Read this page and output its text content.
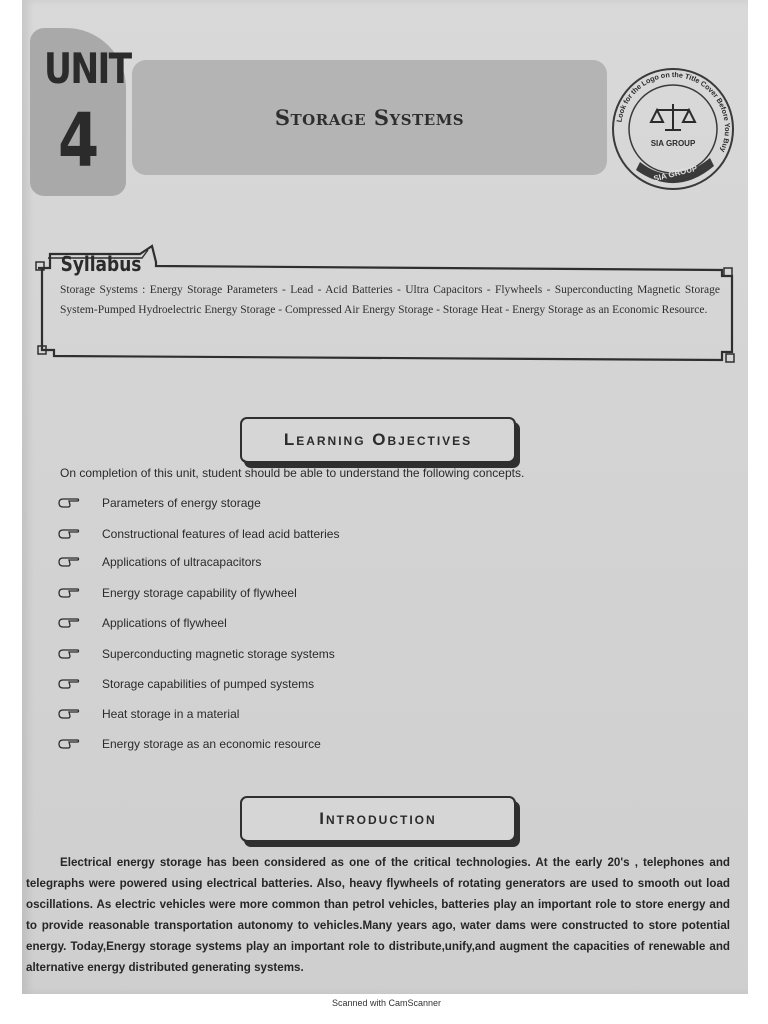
UNIT
4	Storage Systems	Look for the Logo on the Title Cover Before You Buy
SIA GROUP
SIA GROUP
Syllabus
Storage Systems : Energy Storage Parameters - Lead - Acid Batteries - Ultra Capacitors - Flywheels - Superconducting Magnetic Storage System-Pumped Hydroelectric Energy Storage - Compressed Air Energy Storage - Storage Heat - Energy Storage as an Economic Resource.
Learning Objectives
On completion of this unit, student should be able to understand the following concepts.
Parameters of energy storage
Constructional features of lead acid batteries
Applications of ultracapacitors
Energy storage capability of flywheel
Applications of flywheel
Superconducting magnetic storage systems
Storage capabilities of pumped systems
Heat storage in a material
Energy storage as an economic resource
Introduction
Electrical energy storage has been considered as one of the critical technologies. At the early 20's , telephones and telegraphs were powered using electrical batteries. Also, heavy flywheels of rotating generators are used to smooth out load oscillations. As electric vehicles were more common than petrol vehicles, batteries play an important role to store energy and to provide reasonable transportation autonomy to vehicles.Many years ago, water dams were constructed to store potential energy. Today,Energy storage systems play an important role to distribute,unify,and augment the capacities of renewable and alternative energy distributed generating systems.
Scanned with CamScanner
